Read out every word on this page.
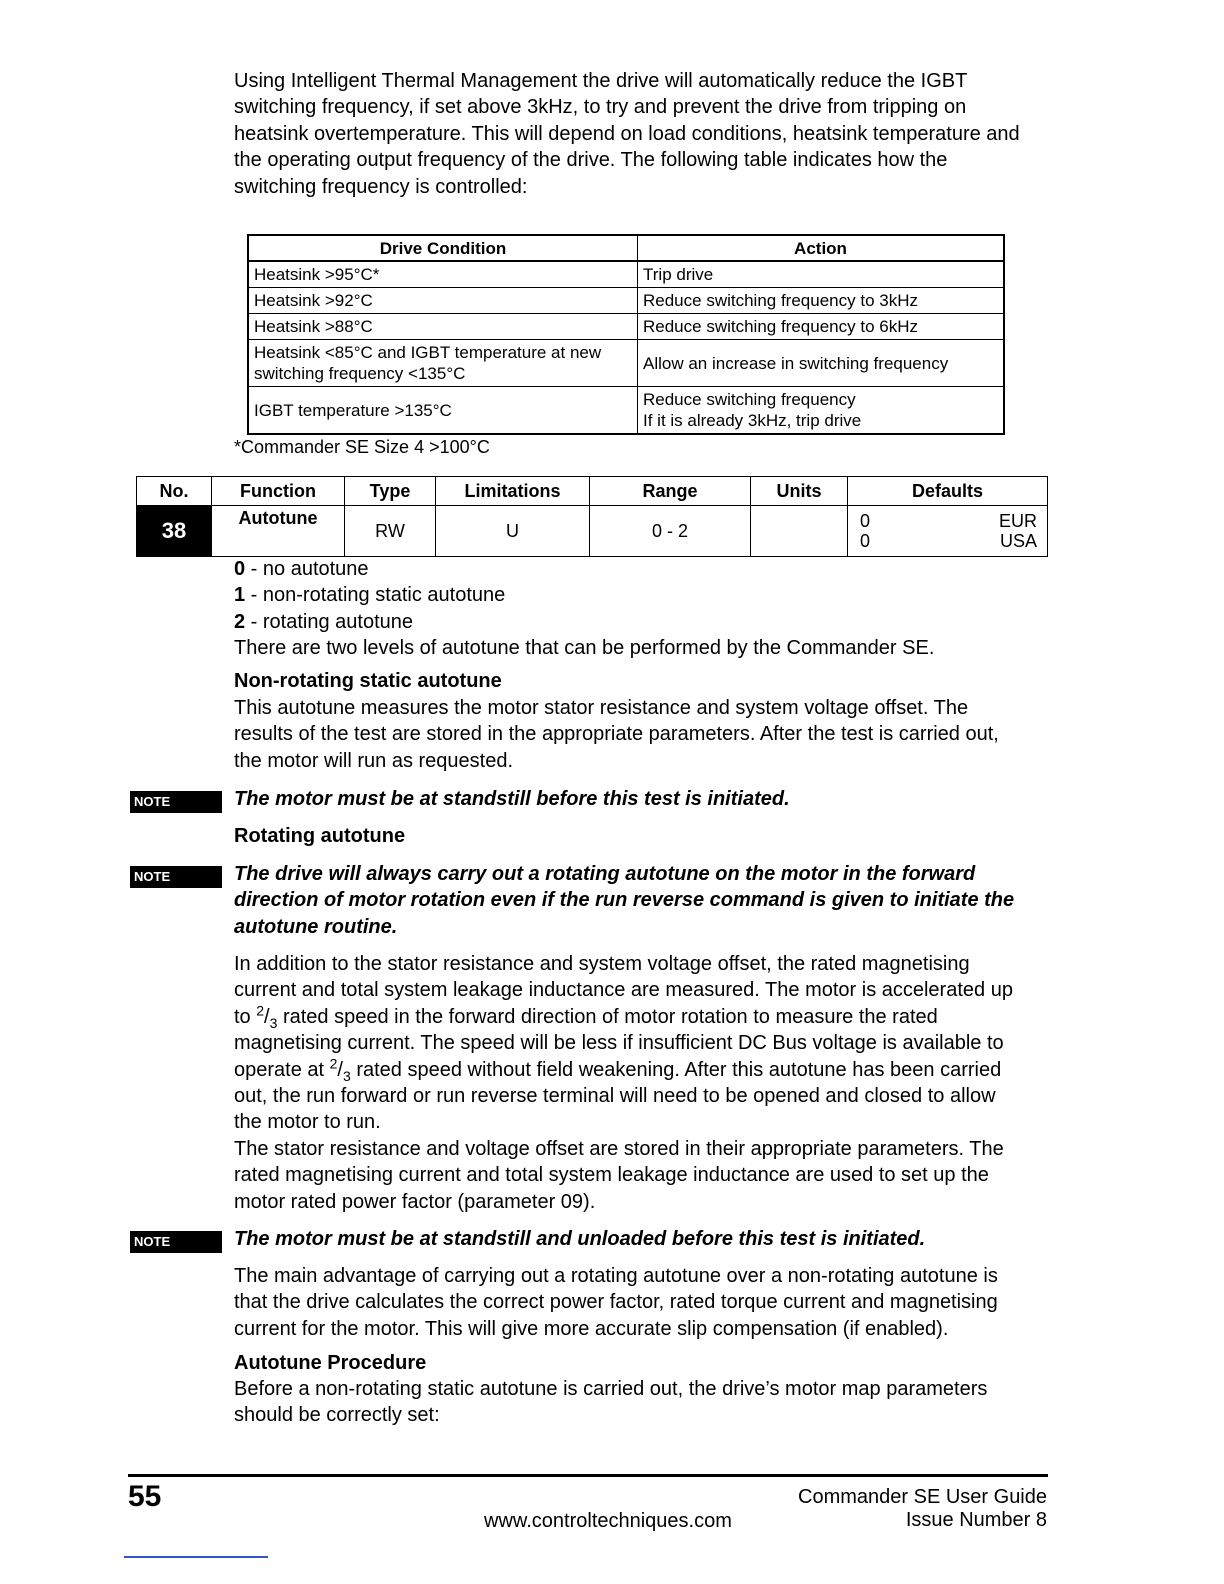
Using Intelligent Thermal Management the drive will automatically reduce the IGBT

switching frequency, if set above 3kHz, to try and prevent the drive from tripping on

heatsink overtemperature. This will depend on load conditions, heatsink temperature and

the operating output frequency of the drive. The following table indicates how the

switching frequency is controlled:

Drive Condition	Action
Heatsink >95°C*	Trip drive
Heatsink >92°C	Reduce switching frequency to 3kHz
Heatsink >88°C	Reduce switching frequency to 6kHz
Heatsink <85°C and IGBT temperature at new switching frequency <135°C	Allow an increase in switching frequency
IGBT temperature >135°C	Reduce switching frequency
If it is already 3kHz, trip drive
*Commander SE Size 4 >100°C
No.	Function	Type	Limitations	Range	Units	Defaults
38	Autotune	RW	U	0 - 2		0 EUR
0 USA

0 - no autotune

1 - non-rotating static autotune

2 - rotating autotune

There are two levels of autotune that can be performed by the Commander SE.

Non-rotating static autotune

This autotune measures the motor stator resistance and system voltage offset. The

results of the test are stored in the appropriate parameters. After the test is carried out,

the motor will run as requested.

NOTE	The motor must be at standstill before this test is initiated.
Rotating autotune
NOTE	The drive will always carry out a rotating autotune on the motor in the forward
direction of motor rotation even if the run reverse command is given to initiate the
autotune routine.

In addition to the stator resistance and system voltage offset, the rated magnetising

current and total system leakage inductance are measured. The motor is accelerated up

to $^2/_3$ rated speed in the forward direction of motor rotation to measure the rated

magnetising current. The speed will be less if insufficient DC Bus voltage is available to

operate at $^2/_3$ rated speed without field weakening. After this autotune has been carried

out, the run forward or run reverse terminal will need to be opened and closed to allow

the motor to run.

The stator resistance and voltage offset are stored in their appropriate parameters. The

rated magnetising current and total system leakage inductance are used to set up the

motor rated power factor (parameter 09).

NOTE	The motor must be at standstill and unloaded before this test is initiated.

The main advantage of carrying out a rotating autotune over a non-rotating autotune is

that the drive calculates the correct power factor, rated torque current and magnetising

current for the motor. This will give more accurate slip compensation (if enabled).

Autotune Procedure

Before a non-rotating static autotune is carried out, the drive’s motor map parameters

should be correctly set:

55
www.controltechniques.com
Commander SE User Guide
Issue Number 8
